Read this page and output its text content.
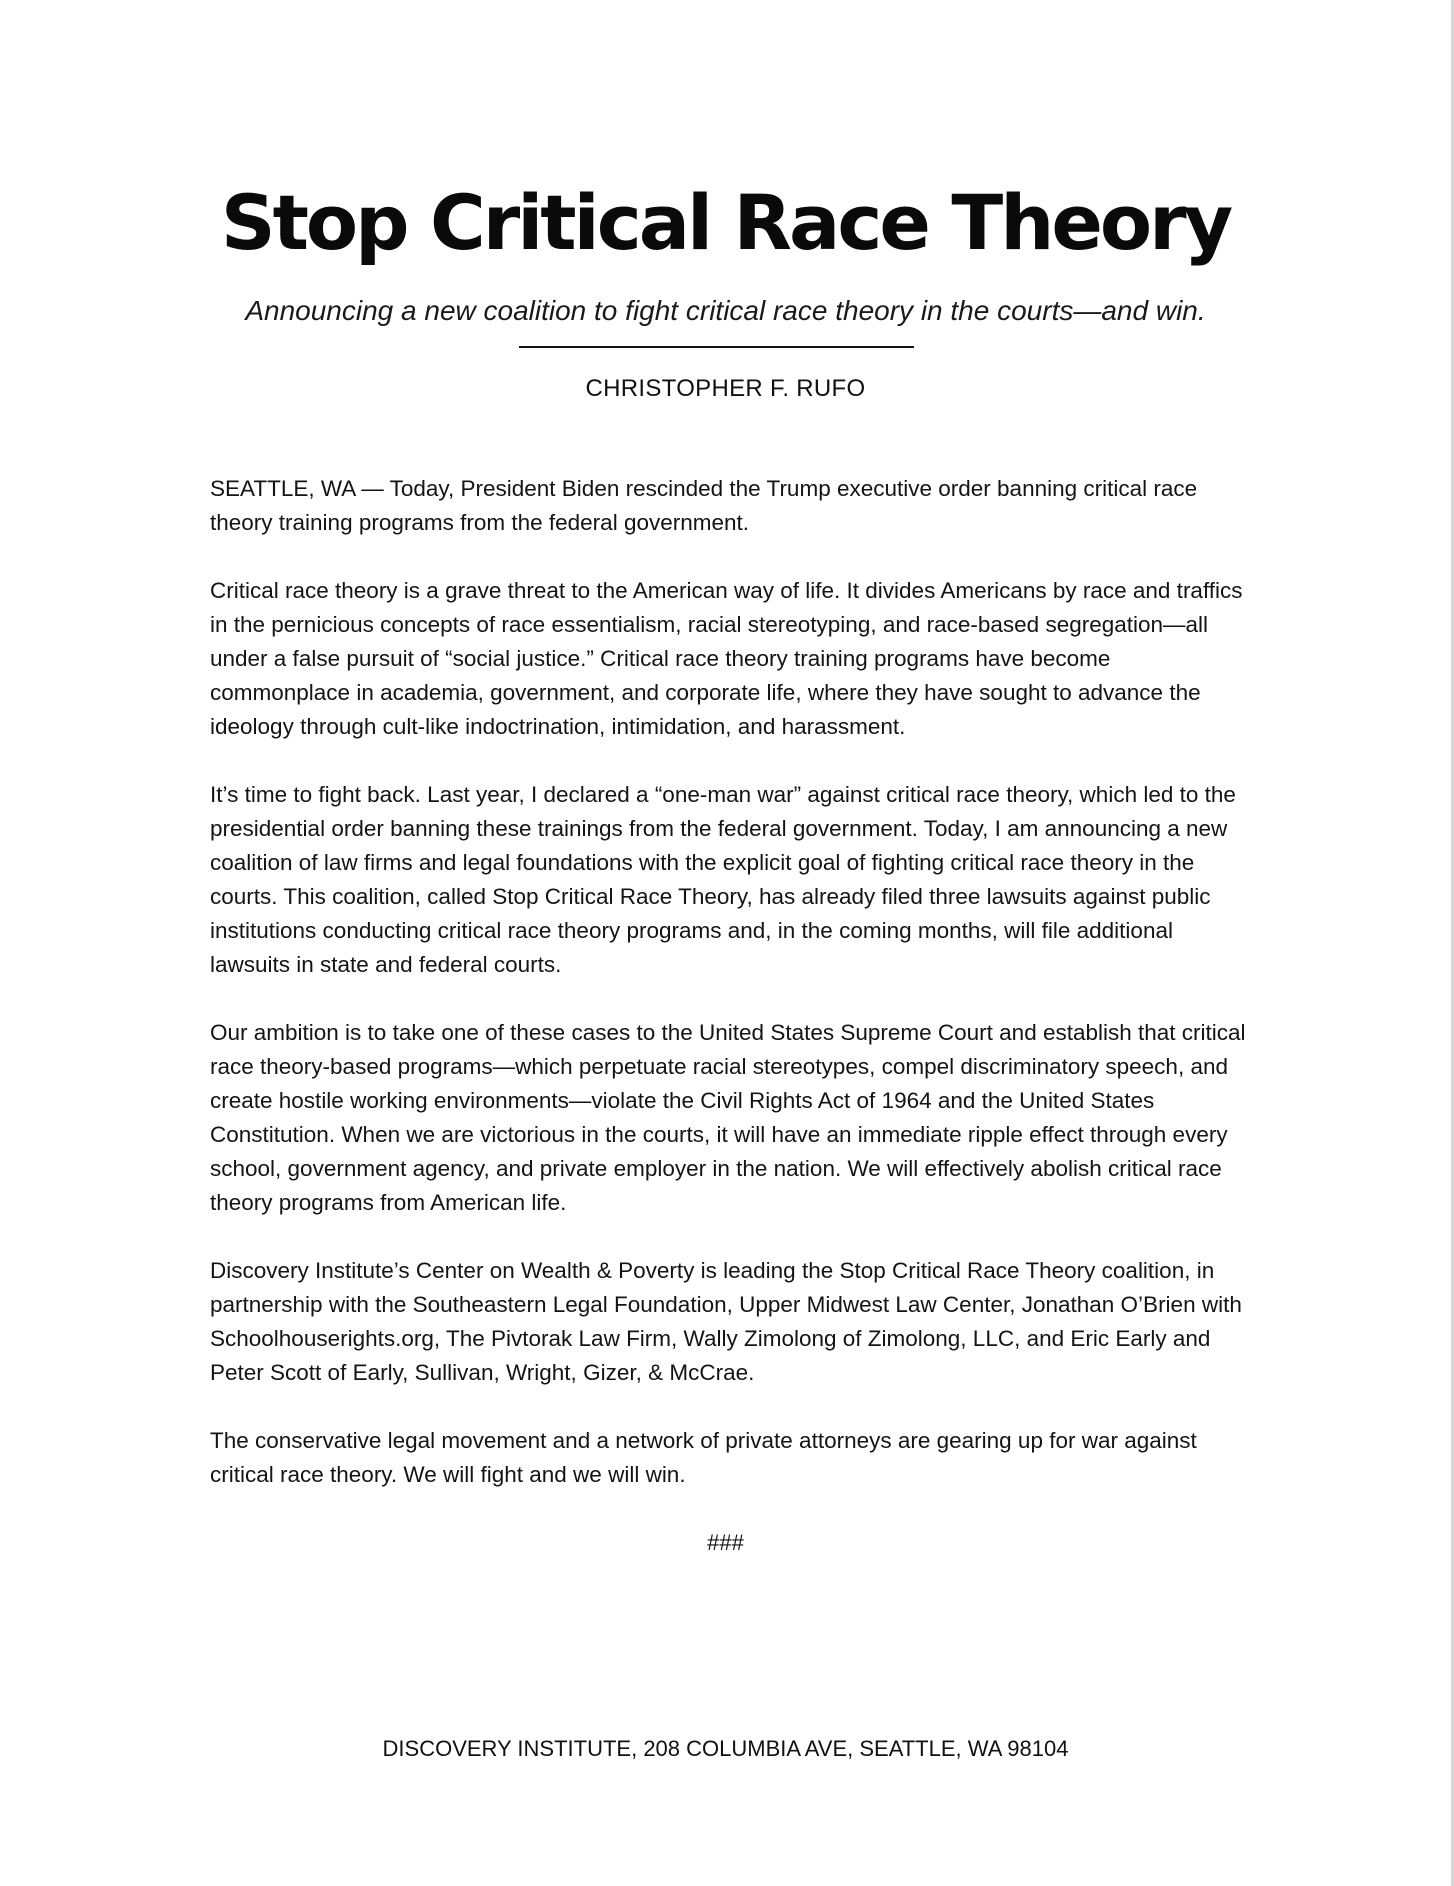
Stop Critical Race Theory

Announcing a new coalition to fight critical race theory in the courts—and win.

CHRISTOPHER F. RUFO

SEATTLE, WA — Today, President Biden rescinded the Trump executive order banning critical race theory training programs from the federal government.

Critical race theory is a grave threat to the American way of life. It divides Americans by race and traffics in the pernicious concepts of race essentialism, racial stereotyping, and race-based segregation—all under a false pursuit of “social justice.” Critical race theory training programs have become commonplace in academia, government, and corporate life, where they have sought to advance the ideology through cult-like indoctrination, intimidation, and harassment.

It’s time to fight back. Last year, I declared a “one-man war” against critical race theory, which led to the presidential order banning these trainings from the federal government. Today, I am announcing a new coalition of law firms and legal foundations with the explicit goal of fighting critical race theory in the courts. This coalition, called Stop Critical Race Theory, has already filed three lawsuits against public institutions conducting critical race theory programs and, in the coming months, will file additional lawsuits in state and federal courts.

Our ambition is to take one of these cases to the United States Supreme Court and establish that critical race theory-based programs—which perpetuate racial stereotypes, compel discriminatory speech, and create hostile working environments—violate the Civil Rights Act of 1964 and the United States Constitution. When we are victorious in the courts, it will have an immediate ripple effect through every school, government agency, and private employer in the nation. We will effectively abolish critical race theory programs from American life.

Discovery Institute’s Center on Wealth & Poverty is leading the Stop Critical Race Theory coalition, in partnership with the Southeastern Legal Foundation, Upper Midwest Law Center, Jonathan O’Brien with Schoolhouserights.org, The Pivtorak Law Firm, Wally Zimolong of Zimolong, LLC, and Eric Early and Peter Scott of Early, Sullivan, Wright, Gizer, & McCrae.

The conservative legal movement and a network of private attorneys are gearing up for war against critical race theory. We will fight and we will win.

###

DISCOVERY INSTITUTE, 208 COLUMBIA AVE, SEATTLE, WA 98104
